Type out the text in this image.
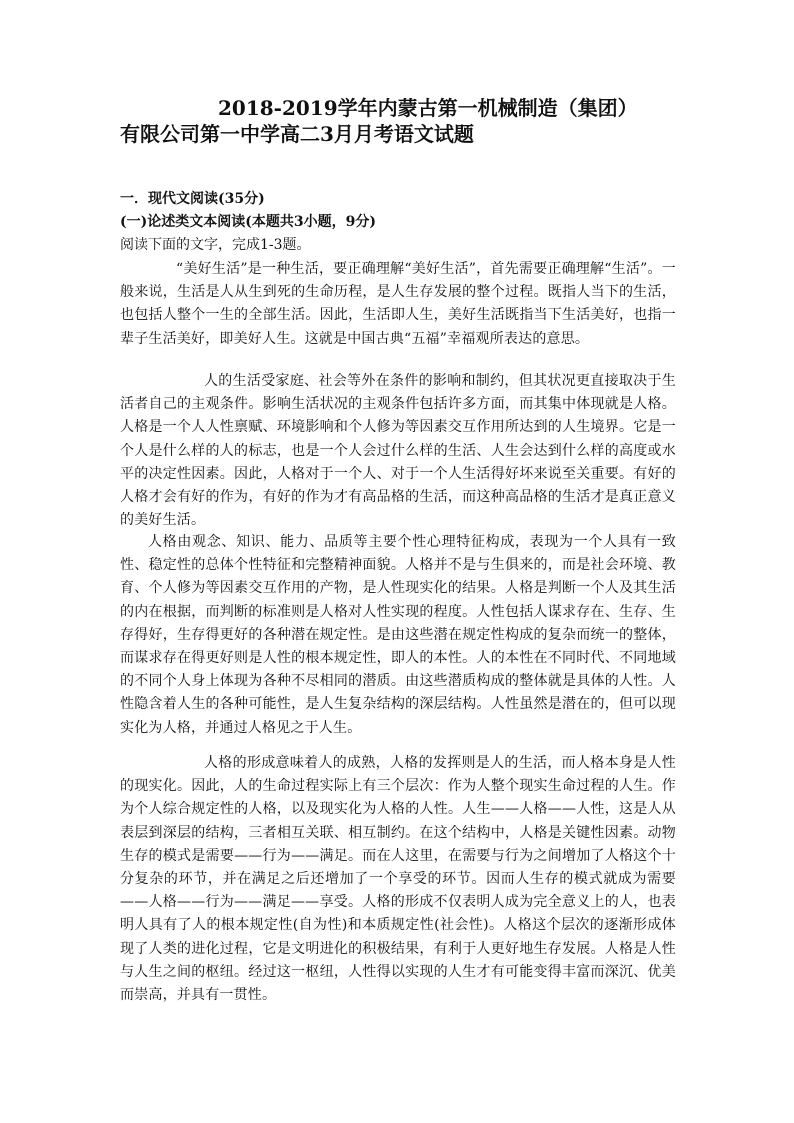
2018-2019学年内蒙古第一机械制造（集团）
有限公司第一中学高二3月月考语文试题
一．现代文阅读(35分)
(一)论述类文本阅读(本题共3小题，9分)
阅读下面的文字，完成1-3题。

“美好生活”是一种生活，要正确理解“美好生活”，首先需要正确理解“生活”。一般来说，生活是人从生到死的生命历程，是人生存发展的整个过程。既指人当下的生活，也包括人整个一生的全部生活。因此，生活即人生，美好生活既指当下生活美好，也指一辈子生活美好，即美好人生。这就是中国古典“五福”幸福观所表达的意思。

人的生活受家庭、社会等外在条件的影响和制约，但其状况更直接取决于生活者自己的主观条件。影响生活状况的主观条件包括许多方面，而其集中体现就是人格。人格是一个人人性禀赋、环境影响和个人修为等因素交互作用所达到的人生境界。它是一个人是什么样的人的标志，也是一个人会过什么样的生活、人生会达到什么样的高度或水平的决定性因素。因此，人格对于一个人、对于一个人生活得好坏来说至关重要。有好的人格才会有好的作为，有好的作为才有高品格的生活，而这种高品格的生活才是真正意义的美好生活。

人格由观念、知识、能力、品质等主要个性心理特征构成，表现为一个人具有一致性、稳定性的总体个性特征和完整精神面貌。人格并不是与生俱来的，而是社会环境、教育、个人修为等因素交互作用的产物，是人性现实化的结果。人格是判断一个人及其生活的内在根据，而判断的标准则是人格对人性实现的程度。人性包括人谋求存在、生存、生存得好，生存得更好的各种潜在规定性。是由这些潜在规定性构成的复杂而统一的整体，而谋求存在得更好则是人性的根本规定性，即人的本性。人的本性在不同时代、不同地域的不同个人身上体现为各种不尽相同的潜质。由这些潜质构成的整体就是具体的人性。人性隐含着人生的各种可能性，是人生复杂结构的深层结构。人性虽然是潜在的，但可以现实化为人格，并通过人格见之于人生。

人格的形成意味着人的成熟，人格的发挥则是人的生活，而人格本身是人性的现实化。因此，人的生命过程实际上有三个层次：作为人整个现实生命过程的人生。作为个人综合规定性的人格，以及现实化为人格的人性。人生——人格——人性，这是人从表层到深层的结构，三者相互关联、相互制约。在这个结构中，人格是关键性因素。动物生存的模式是需要——行为——满足。而在人这里，在需要与行为之间增加了人格这个十分复杂的环节，并在满足之后还增加了一个享受的环节。因而人生存的模式就成为需要——人格——行为——满足——享受。人格的形成不仅表明人成为完全意义上的人，也表明人具有了人的根本规定性(自为性)和本质规定性(社会性)。人格这个层次的逐渐形成体现了人类的进化过程，它是文明进化的积极结果，有利于人更好地生存发展。人格是人性与人生之间的枢纽。经过这一枢纽，人性得以实现的人生才有可能变得丰富而深沉、优美而崇高，并具有一贯性。
